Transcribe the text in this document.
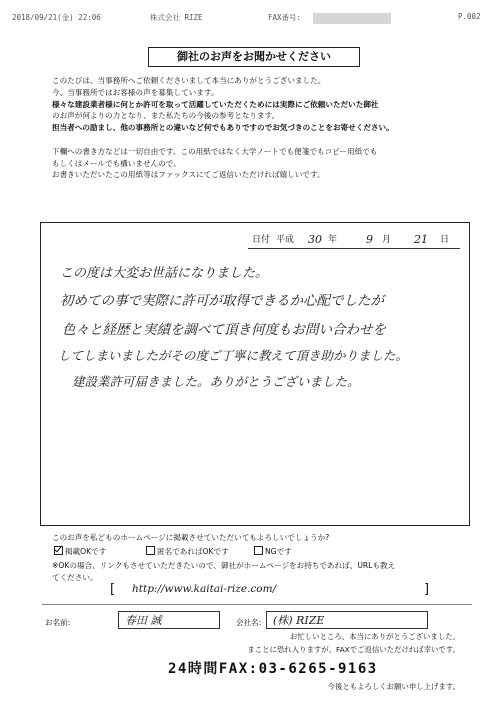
2018/09/21(金) 22:06	株式会社 RIZE	FAX番号:	P.002
御社のお声をお聞かせください
このたびは、当事務所へご依頼くださいまして本当にありがとうございました。
今、当事務所ではお客様の声を募集しています。
様々な建設業者様に何とか許可を取って活躍していただくためには実際にご依頼いただいた御社
のお声が何よりの力となり、また私たちの今後の参考となります。
担当者への励まし、他の事務所との違いなど何でもありですのでお気づきのことをお寄せください。
下欄への書き方などは一切自由です。この用紙ではなく大学ノートでも便箋でもコピー用紙でも
もしくはメールでも構いませんので。
お書きいただいたこの用紙等はファックスにてご返信いただければ嬉しいです。
日付 平成 30 年	9 月 21 日
この度は大変お世話になりました。
初めての事で実際に許可が取得できるか心配でしたが
色々と経歴と実績を調べて頂き何度もお問い合わせを
してしまいましたがその度ご丁寧に教えて頂き助かりました。
建設業許可届きました。ありがとうございました。
このお声を私どものホームページに掲載させていただいてもよろしいでしょうか?
掲載OKです	匿名であればOKです	NGです
※OKの場合、リンクもさせていただきたいので、御社がホームページをお持ちであれば、URLも教え
てください。
[ http://www.kaitai-rize.com/	]
お名前:	春田 誠	会社名: (株) RIZE
お忙しいところ、本当にありがとうございました。
まことに恐れ入りますが、FAXでご返信いただければ幸いです。
24時間FAX:03-6265-9163
今後ともよろしくお願い申し上げます。
